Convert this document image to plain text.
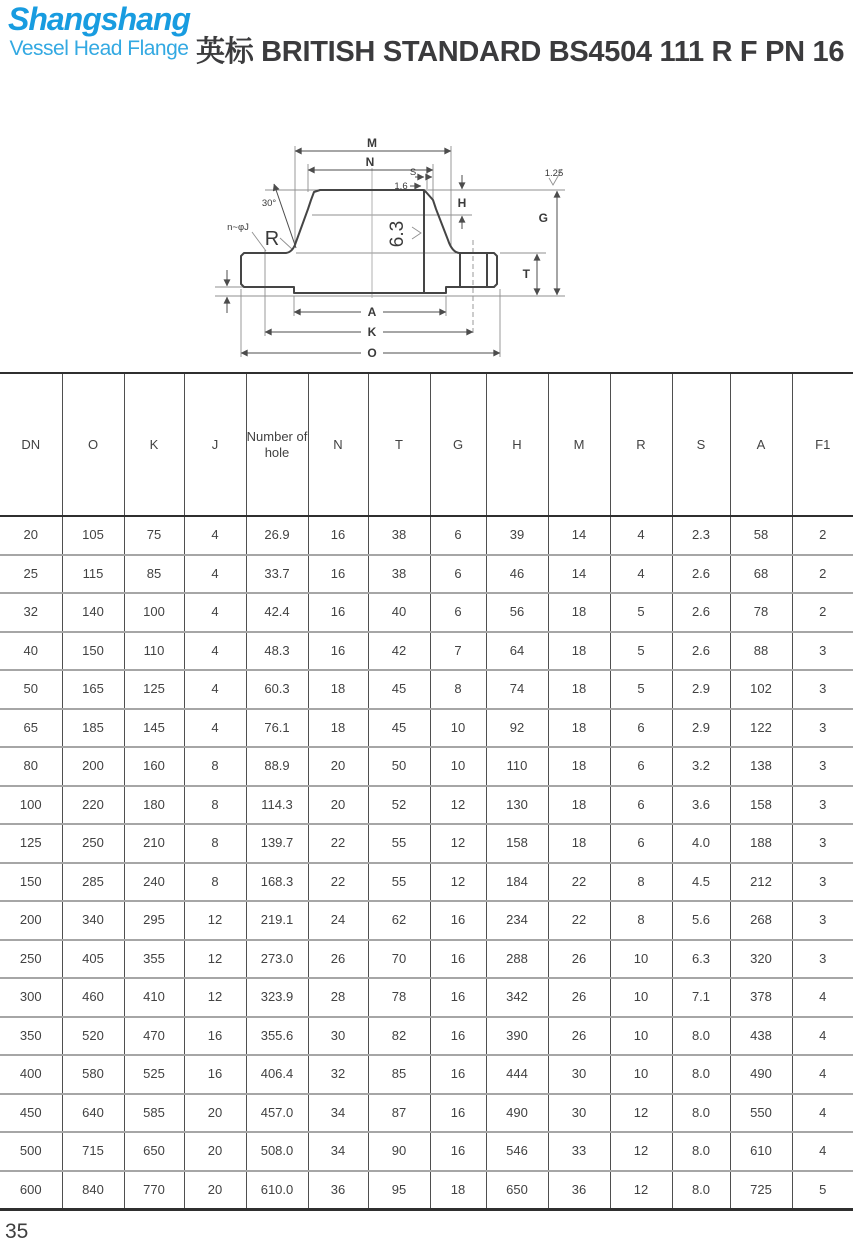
Shangshang
Vessel Head Flange 英标 BRITISH STANDARD BS4504 111 R F PN 16
M
N
S
1.6
1.25
H
G
T
A
K
O
R
30°
n~φJ	6.3
DN	O	K	J	Number of hole	N	T	G	H	M	R	S	A	F1
20	105	75	4	26.9	16	38	6	39	14	4	2.3	58	2
25	115	85	4	33.7	16	38	6	46	14	4	2.6	68	2
32	140	100	4	42.4	16	40	6	56	18	5	2.6	78	2
40	150	110	4	48.3	16	42	7	64	18	5	2.6	88	3
50	165	125	4	60.3	18	45	8	74	18	5	2.9	102	3
65	185	145	4	76.1	18	45	10	92	18	6	2.9	122	3
80	200	160	8	88.9	20	50	10	110	18	6	3.2	138	3
100	220	180	8	114.3	20	52	12	130	18	6	3.6	158	3
125	250	210	8	139.7	22	55	12	158	18	6	4.0	188	3
150	285	240	8	168.3	22	55	12	184	22	8	4.5	212	3
200	340	295	12	219.1	24	62	16	234	22	8	5.6	268	3
250	405	355	12	273.0	26	70	16	288	26	10	6.3	320	3
300	460	410	12	323.9	28	78	16	342	26	10	7.1	378	4
350	520	470	16	355.6	30	82	16	390	26	10	8.0	438	4
400	580	525	16	406.4	32	85	16	444	30	10	8.0	490	4
450	640	585	20	457.0	34	87	16	490	30	12	8.0	550	4
500	715	650	20	508.0	34	90	16	546	33	12	8.0	610	4
600	840	770	20	610.0	36	95	18	650	36	12	8.0	725	5
35
